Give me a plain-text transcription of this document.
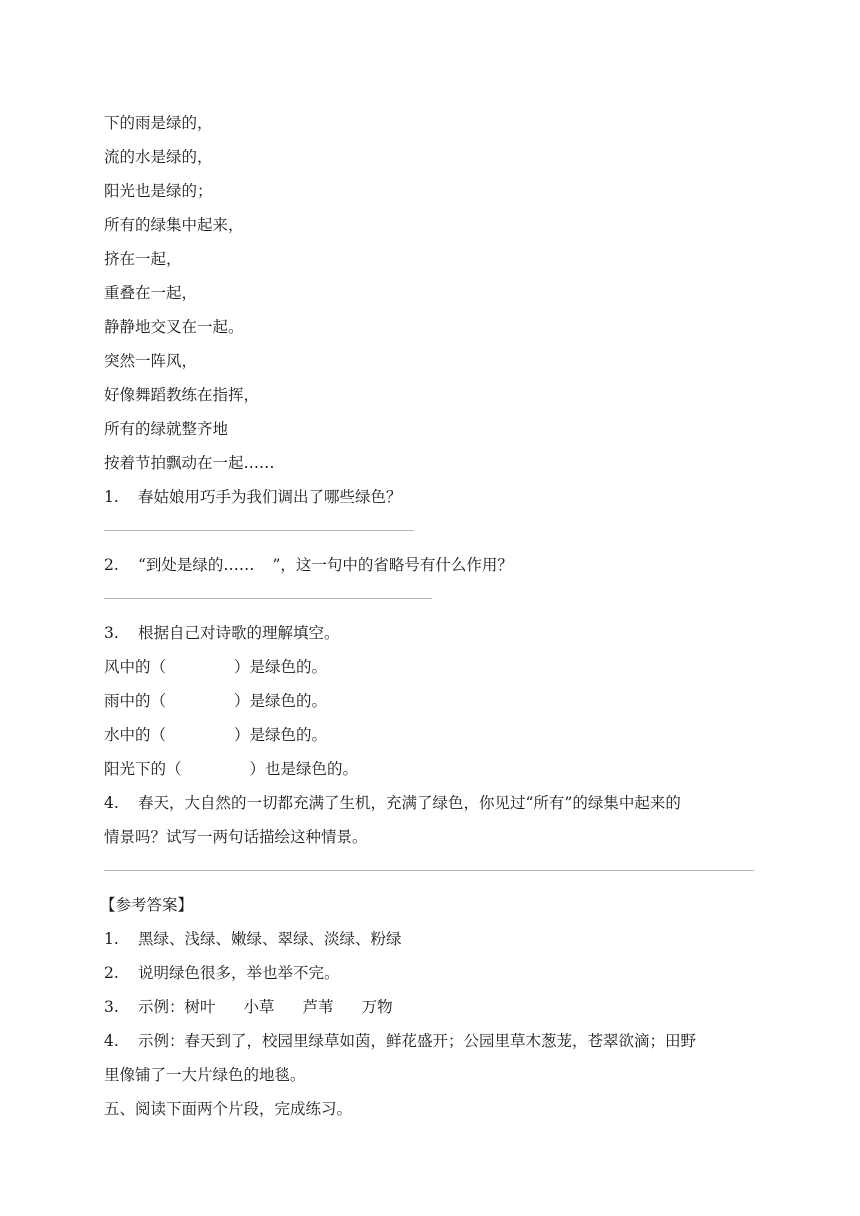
下的雨是绿的，
流的水是绿的，
阳光也是绿的；
所有的绿集中起来，
挤在一起，
重叠在一起，
静静地交叉在一起。
突然一阵风，
好像舞蹈教练在指挥，
所有的绿就整齐地
按着节拍飘动在一起……
1. 春姑娘用巧手为我们调出了哪些绿色？
2. “到处是绿的…… ”，这一句中的省略号有什么作用？
3. 根据自己对诗歌的理解填空。
风中的（	）是绿色的。
雨中的（	）是绿色的。
水中的（	）是绿色的。
阳光下的（	）也是绿色的。
4. 春天，大自然的一切都充满了生机，充满了绿色，你见过“所有”的绿集中起来的
情景吗？试写一两句话描绘这种情景。
【参考答案】
1. 黑绿、浅绿、嫩绿、翠绿、淡绿、粉绿
2. 说明绿色很多，举也举不完。
3. 示例：树叶 小草 芦苇 万物
4. 示例：春天到了，校园里绿草如茵，鲜花盛开；公园里草木葱茏，苍翠欲滴；田野
里像铺了一大片绿色的地毯。
五、阅读下面两个片段，完成练习。
